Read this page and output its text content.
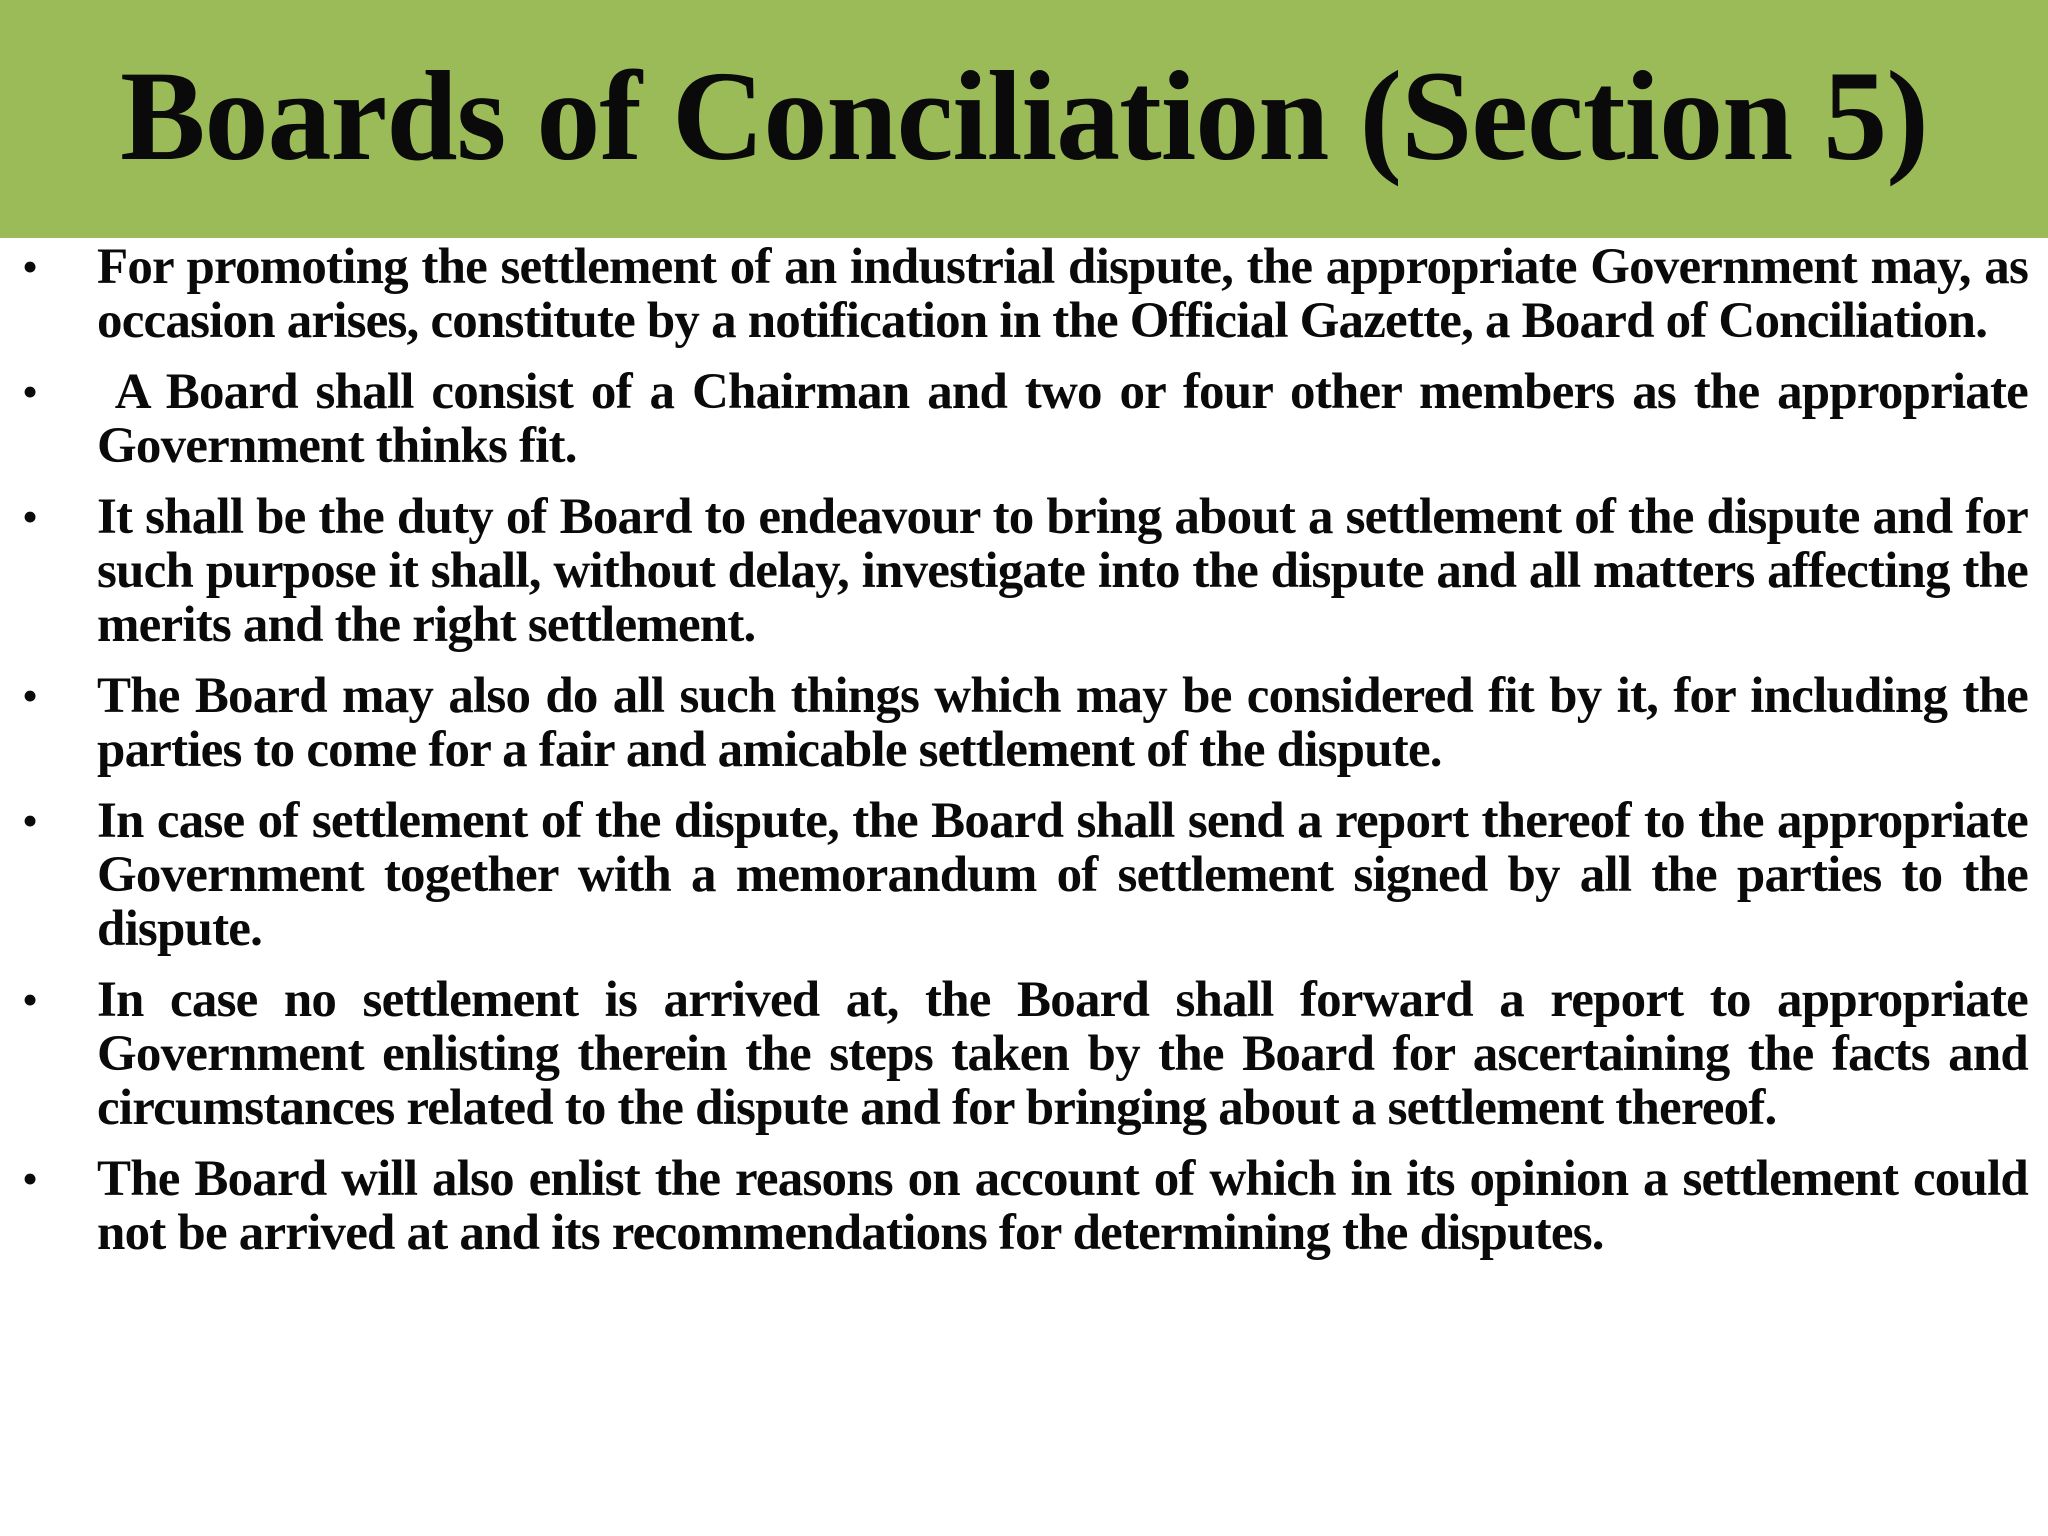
Boards of Conciliation (Section 5)
• For promoting the settlement of an industrial dispute, the appropriate Government may, as occasion arises, constitute by a notification in the Official Gazette, a Board of Conciliation.
• A Board shall consist of a Chairman and two or four other members as the appropriate Government thinks fit.
• It shall be the duty of Board to endeavour to bring about a settlement of the dispute and for such purpose it shall, without delay, investigate into the dispute and all matters affecting the merits and the right settlement.
• The Board may also do all such things which may be considered fit by it, for including the parties to come for a fair and amicable settlement of the dispute.
• In case of settlement of the dispute, the Board shall send a report thereof to the appropriate Government together with a memorandum of settlement signed by all the parties to the dispute.
• In case no settlement is arrived at, the Board shall forward a report to appropriate Government enlisting therein the steps taken by the Board for ascertaining the facts and circumstances related to the dispute and for bringing about a settlement thereof.
• The Board will also enlist the reasons on account of which in its opinion a settlement could not be arrived at and its recommendations for determining the disputes.
